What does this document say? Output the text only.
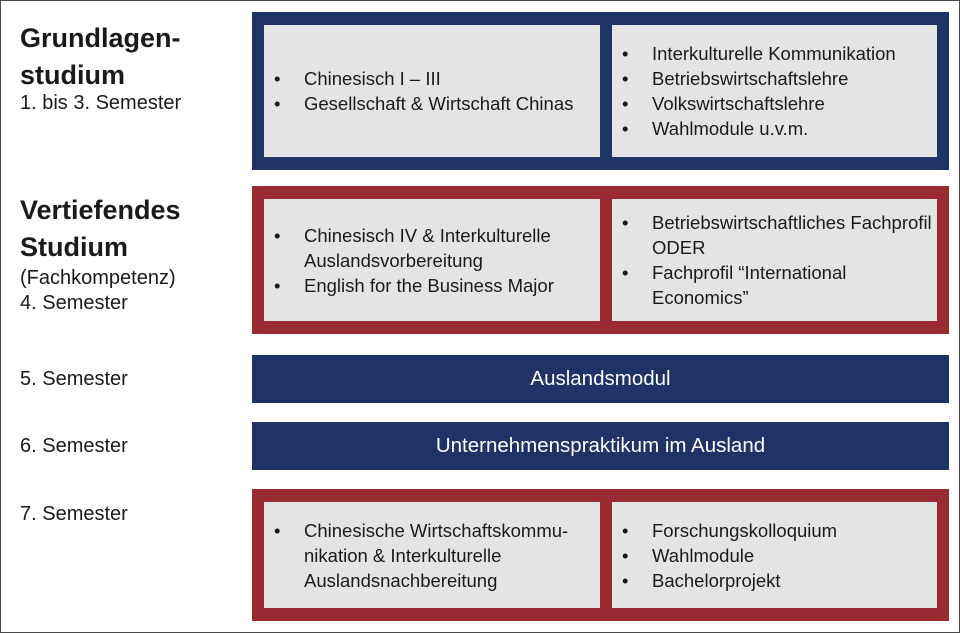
Grundlagen-
studium
1. bis 3. Semester
• Chinesisch I – III
• Gesellschaft & Wirtschaft Chinas
• Interkulturelle Kommunikation
• Betriebswirtschaftslehre
• Volkswirtschaftslehre
• Wahlmodule u.v.m.
Vertiefendes
Studium
(Fachkompetenz)
4. Semester
• Chinesisch IV & Interkulturelle Auslandsvorbereitung
• English for the Business Major
• Betriebswirtschaftliches Fachprofil ODER
• Fachprofil “International Economics”
5. Semester	Auslandsmodul
6. Semester	Unternehmenspraktikum im Ausland
7. Semester
• Chinesische Wirtschaftskommu-nikation & Interkulturelle Auslandsnachbereitung
• Forschungskolloquium
• Wahlmodule
• Bachelorprojekt
